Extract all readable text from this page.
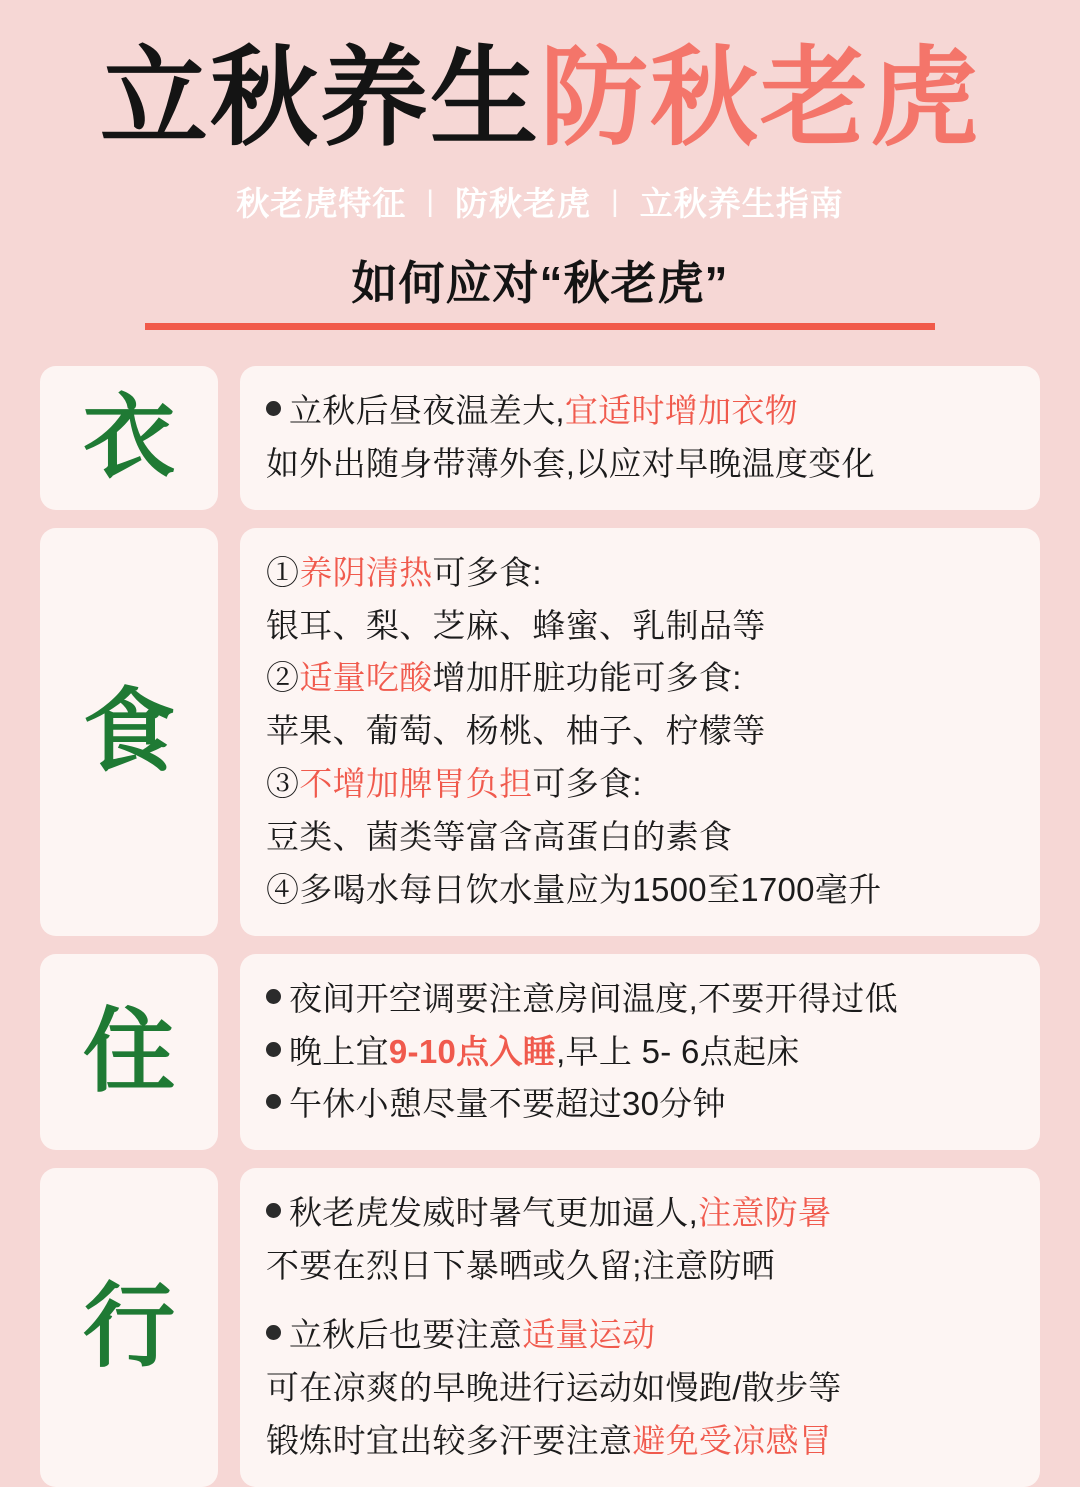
立秋养生防秋老虎
秋老虎特征 | 防秋老虎 | 立秋养生指南
如何应对“秋老虎”
衣	立秋后昼夜温差大,宜适时增加衣物
如外出随身带薄外套,以应对早晚温度变化
食
①养阴清热可多食:
银耳、梨、芝麻、蜂蜜、乳制品等
②适量吃酸增加肝脏功能可多食:
苹果、葡萄、杨桃、柚子、柠檬等
③不增加脾胃负担可多食:
豆类、菌类等富含高蛋白的素食
④多喝水每日饮水量应为1500至1700毫升
住
夜间开空调要注意房间温度,不要开得过低
晚上宜9-10点入睡,早上 5- 6点起床
午休小憩尽量不要超过30分钟
行
秋老虎发威时暑气更加逼人,注意防暑
不要在烈日下暴晒或久留;注意防晒
立秋后也要注意适量运动
可在凉爽的早晚进行运动如慢跑/散步等
锻炼时宜出较多汗要注意避免受凉感冒
